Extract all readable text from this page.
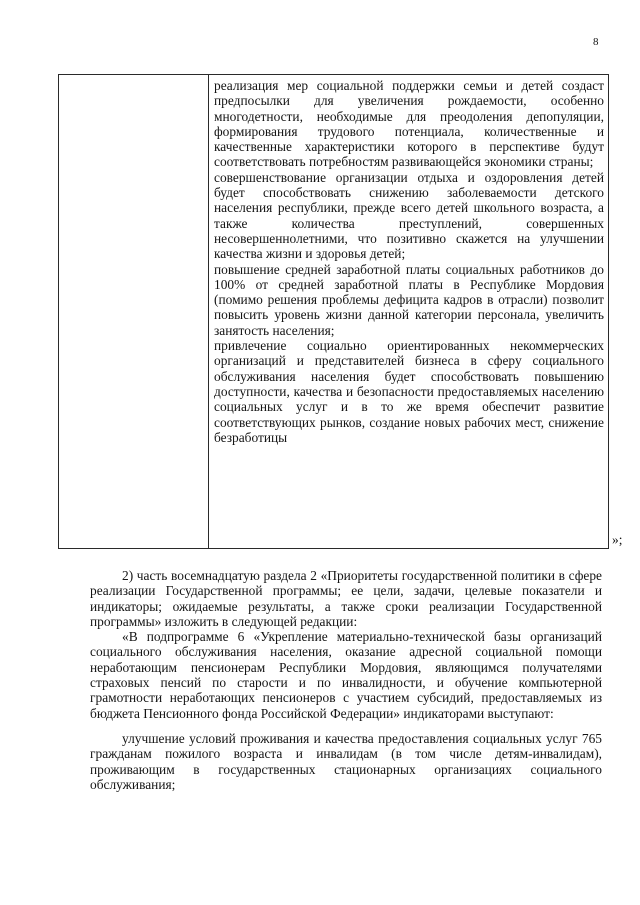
8

реализация мер социальной поддержки семьи и детей создаст предпосылки для увеличения рождаемости, особенно многодетности, необходимые для преодоления депопуляции, формирования трудового потенциала, количественные и качественные характеристики которого в перспективе будут соответствовать потребностям развивающейся экономики страны;

совершенствование организации отдыха и оздоровления детей будет способствовать снижению заболеваемости детского населения республики, прежде всего детей школьного возраста, а также количества преступлений, совершенных несовершеннолетними, что позитивно скажется на улучшении качества жизни и здоровья детей;

повышение средней заработной платы социальных работников до 100% от средней заработной платы в Республике Мордовия (помимо решения проблемы дефицита кадров в отрасли) позволит повысить уровень жизни данной категории персонала, увеличить занятость населения;

привлечение социально ориентированных некоммерческих организаций и представителей бизнеса в сферу социального обслуживания населения будет способствовать повышению доступности, качества и безопасности предоставляемых населению социальных услуг и в то же время обеспечит развитие соответствующих рынков, создание новых рабочих мест, снижение безработицы

»;

2) часть восемнадцатую раздела 2 «Приоритеты государственной политики в сфере реализации Государственной программы; ее цели, задачи, целевые показатели и индикаторы; ожидаемые результаты, а также сроки реализации Государственной программы» изложить в следующей редакции:

«В подпрограмме 6 «Укрепление материально-технической базы организаций социального обслуживания населения, оказание адресной социальной помощи неработающим пенсионерам Республики Мордовия, являющимся получателями страховых пенсий по старости и по инвалидности, и обучение компьютерной грамотности неработающих пенсионеров с участием субсидий, предоставляемых из бюджета Пенсионного фонда Российской Федерации» индикаторами выступают:

улучшение условий проживания и качества предоставления социальных услуг 765 гражданам пожилого возраста и инвалидам (в том числе детям-инвалидам), проживающим в государственных стационарных организациях социального обслуживания;
